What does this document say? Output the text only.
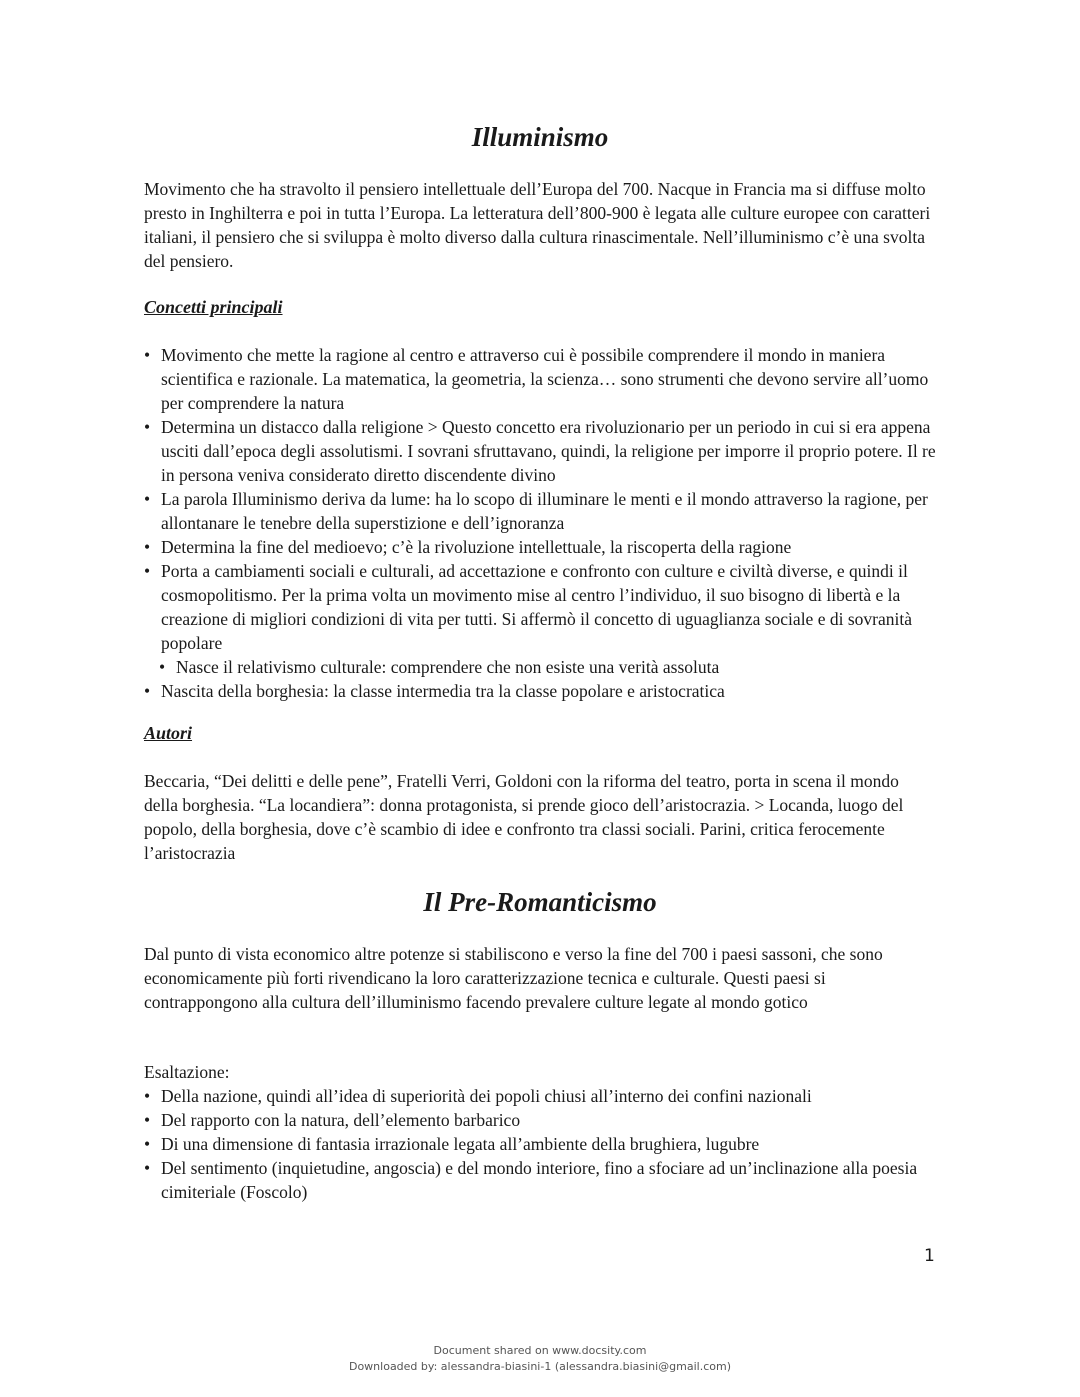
Illuminismo

Movimento che ha stravolto il pensiero intellettuale dell’Europa del 700. Nacque in Francia ma si diffuse molto presto in Inghilterra e poi in tutta l’Europa. La letteratura dell’800-900 è legata alle culture europee con caratteri italiani, il pensiero che si sviluppa è molto diverso dalla cultura rinascimentale. Nell’illuminismo c’è una svolta del pensiero.

Concetti principali
• Movimento che mette la ragione al centro e attraverso cui è possibile comprendere il mondo in maniera scientifica e razionale. La matematica, la geometria, la scienza… sono strumenti che devono servire all’uomo per comprendere la natura
• Determina un distacco dalla religione > Questo concetto era rivoluzionario per un periodo in cui si era appena usciti dall’epoca degli assolutismi. I sovrani sfruttavano, quindi, la religione per imporre il proprio potere. Il re in persona veniva considerato diretto discendente divino
• La parola Illuminismo deriva da lume: ha lo scopo di illuminare le menti e il mondo attraverso la ragione, per allontanare le tenebre della superstizione e dell’ignoranza
• Determina la fine del medioevo; c’è la rivoluzione intellettuale, la riscoperta della ragione
• Porta a cambiamenti sociali e culturali, ad accettazione e confronto con culture e civiltà diverse, e quindi il cosmopolitismo. Per la prima volta un movimento mise al centro l’individuo, il suo bisogno di libertà e la creazione di migliori condizioni di vita per tutti. Si affermò il concetto di uguaglianza sociale e di sovranità popolare
• Nasce il relativismo culturale: comprendere che non esiste una verità assoluta
• Nascita della borghesia: la classe intermedia tra la classe popolare e aristocratica
Autori

Beccaria, “Dei delitti e delle pene”, Fratelli Verri, Goldoni con la riforma del teatro, porta in scena il mondo della borghesia. “La locandiera”: donna protagonista, si prende gioco dell’aristocrazia. > Locanda, luogo del popolo, della borghesia, dove c’è scambio di idee e confronto tra classi sociali. Parini, critica ferocemente l’aristocrazia

Il Pre-Romanticismo

Dal punto di vista economico altre potenze si stabiliscono e verso la fine del 700 i paesi sassoni, che sono economicamente più forti rivendicano la loro caratterizzazione tecnica e culturale. Questi paesi si contrappongono alla cultura dell’illuminismo facendo prevalere culture legate al mondo gotico

Esaltazione:

• Della nazione, quindi all’idea di superiorità dei popoli chiusi all’interno dei confini nazionali
• Del rapporto con la natura, dell’elemento barbarico
• Di una dimensione di fantasia irrazionale legata all’ambiente della brughiera, lugubre
• Del sentimento (inquietudine, angoscia) e del mondo interiore, fino a sfociare ad un’inclinazione alla poesia cimiteriale (Foscolo)
1
Document shared on www.docsity.com
Downloaded by: alessandra-biasini-1 (alessandra.biasini@gmail.com)
